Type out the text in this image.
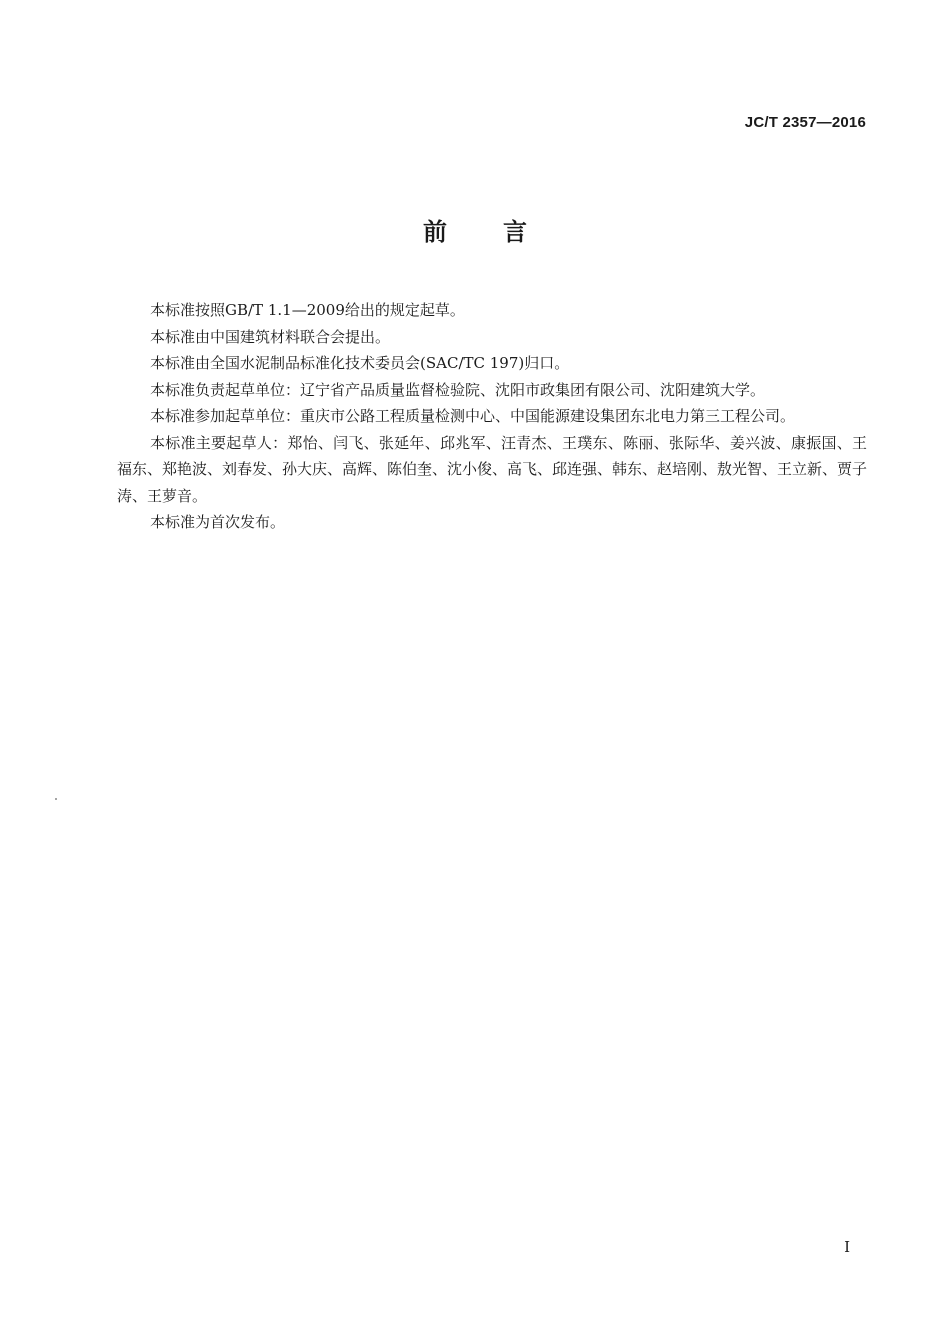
JC/T 2357—2016
前 言

本标准按照GB/T 1.1—2009给出的规定起草。

本标准由中国建筑材料联合会提出。

本标准由全国水泥制品标准化技术委员会(SAC/TC 197)归口。

本标准负责起草单位：辽宁省产品质量监督检验院、沈阳市政集团有限公司、沈阳建筑大学。

本标准参加起草单位：重庆市公路工程质量检测中心、中国能源建设集团东北电力第三工程公司。

本标准主要起草人：郑怡、闫飞、张延年、邱兆军、汪青杰、王璞东、陈丽、张际华、姜兴波、康振国、王福东、郑艳波、刘春发、孙大庆、高辉、陈伯奎、沈小俊、高飞、邱连强、韩东、赵培刚、敖光智、王立新、贾子涛、王萝音。

本标准为首次发布。

I
